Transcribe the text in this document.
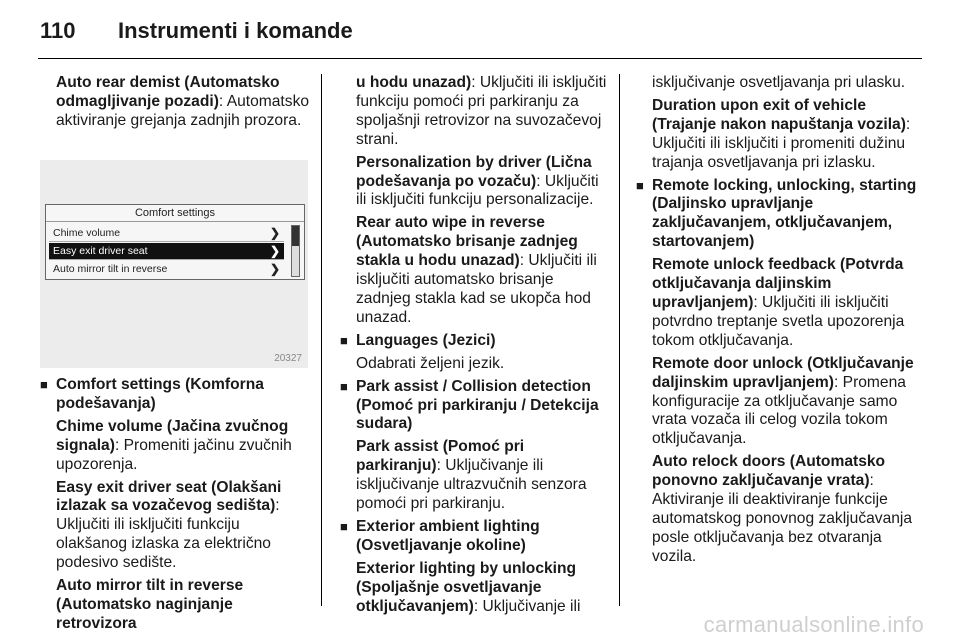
110 Instrumenti i komande

Auto rear demist (Automatsko odmagljivanje pozadi): Automatsko aktiviranje grejanja zadnjih prozora.

Comfort settings
Chime volume	❯
Easy exit driver seat	❯
Auto mirror tilt in reverse	❯
20327
■ Comfort settings (Komforna podešavanja)

Chime volume (Jačina zvučnog signala): Promeniti jačinu zvučnih upozorenja.

Easy exit driver seat (Olakšani izlazak sa vozačevog sedišta): Uključiti ili isključiti funkciju olakšanog izlaska za električno podesivo sedište.

Auto mirror tilt in reverse (Automatsko naginjanje retrovizora

u hodu unazad): Uključiti ili isključiti funkciju pomoći pri parkiranju za spoljašnji retrovizor na suvozačevoj strani.

Personalization by driver (Lična podešavanja po vozaču): Uključiti ili isključiti funkciju personalizacije.

Rear auto wipe in reverse (Automatsko brisanje zadnjeg stakla u hodu unazad): Uključiti ili isključiti automatsko brisanje zadnjeg stakla kad se ukopča hod unazad.

■ Languages (Jezici)

Odabrati željeni jezik.

■ Park assist / Collision detection (Pomoć pri parkiranju / Detekcija sudara)

Park assist (Pomoć pri parkiranju): Uključivanje ili isključivanje ultrazvučnih senzora pomoći pri parkiranju.

■ Exterior ambient lighting (Osvetljavanje okoline)

Exterior lighting by unlocking (Spoljašnje osvetljavanje otključavanjem): Uključivanje ili

isključivanje osvetljavanja pri ulasku.

Duration upon exit of vehicle (Trajanje nakon napuštanja vozila): Uključiti ili isključiti i promeniti dužinu trajanja osvetljavanja pri izlasku.

■ Remote locking, unlocking, starting (Daljinsko upravljanje zaključavanjem, otključavanjem, startovanjem)

Remote unlock feedback (Potvrda otključavanja daljinskim upravljanjem): Uključiti ili isključiti potvrdno treptanje svetla upozorenja tokom otključavanja.

Remote door unlock (Otključavanje daljinskim upravljanjem): Promena konfiguracije za otključavanje samo vrata vozača ili celog vozila tokom otključavanja.

Auto relock doors (Automatsko ponovno zaključavanje vrata): Aktiviranje ili deaktiviranje funkcije automatskog ponovnog zaključavanja posle otključavanja bez otvaranja vozila.

carmanualsonline.info
